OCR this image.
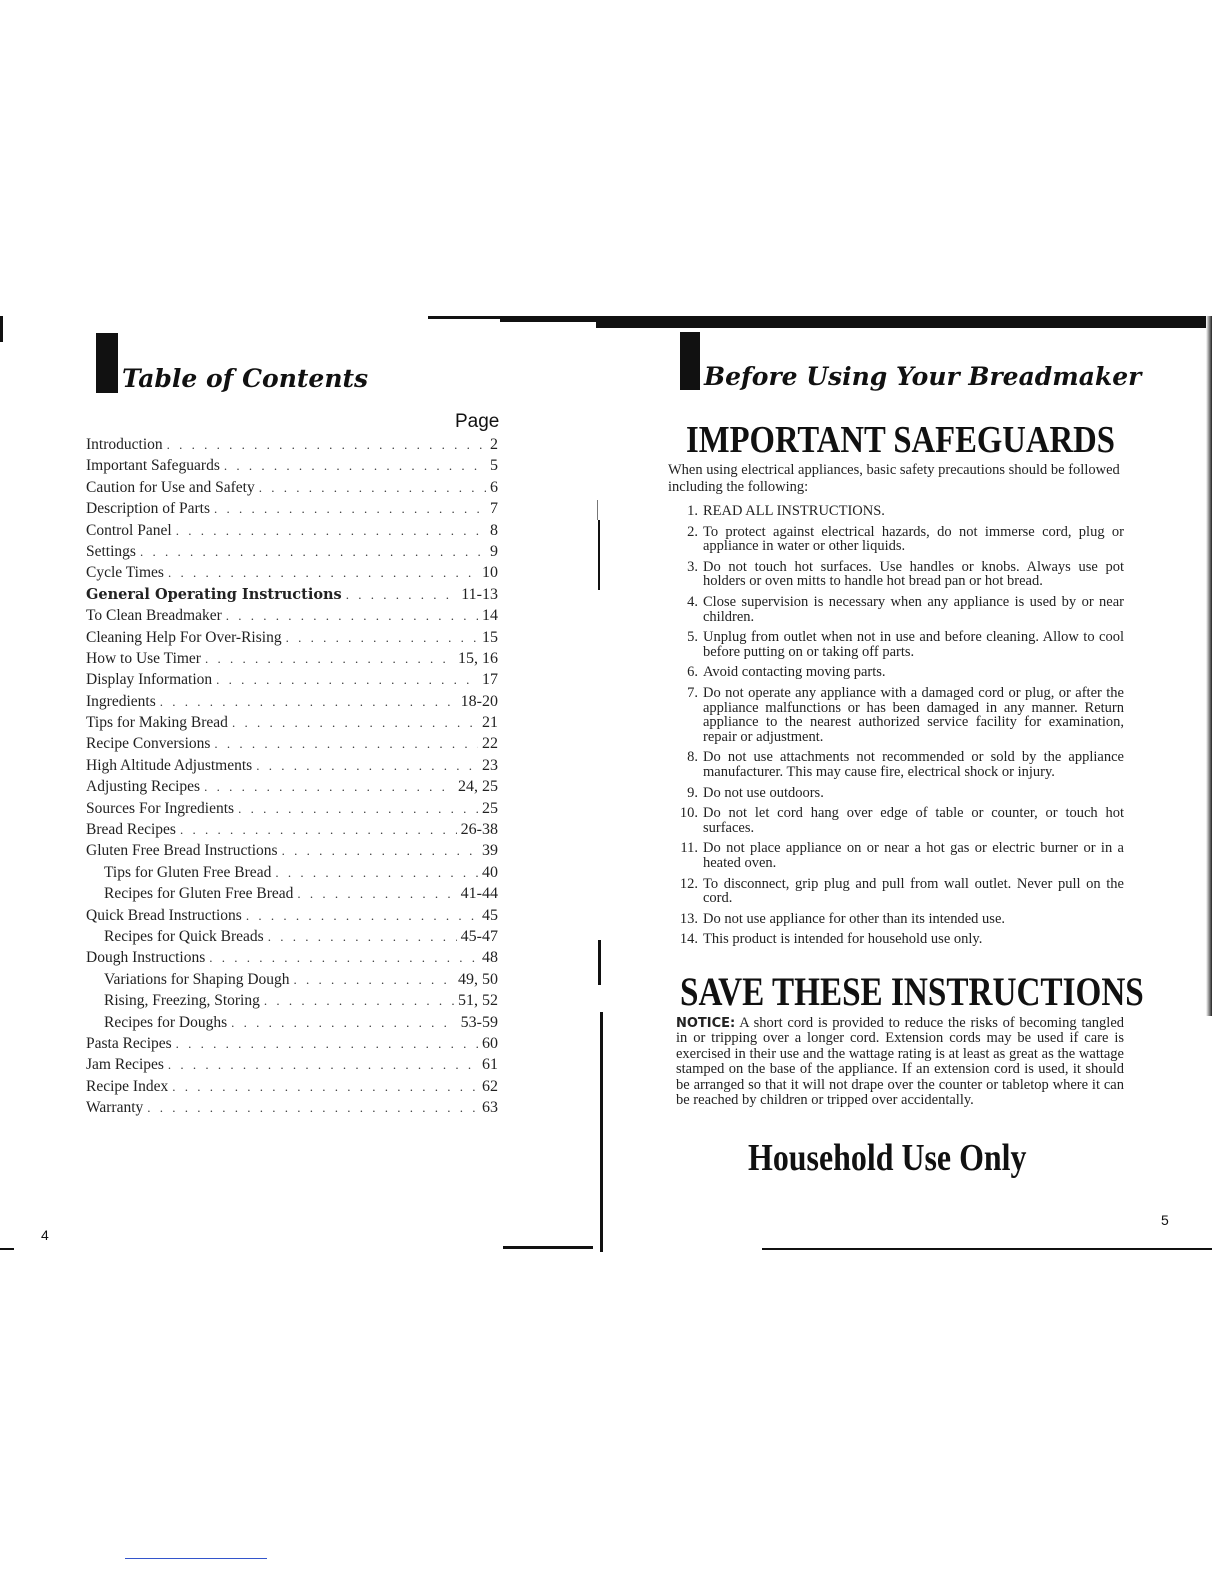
Table of Contents
Page
Introduction . . .	2
Important Safeguards . . .	5
Caution for Use and Safety . . .	6
Description of Parts . . .	7
Control Panel . . .	8
Settings . . .	9
Cycle Times . . .	10
General Operating Instructions . . .	11-13
To Clean Breadmaker . . .	14
Cleaning Help For Over-Rising . . .	15
How to Use Timer . . .	15, 16
Display Information . . .	17
Ingredients . . .	18-20
Tips for Making Bread . . .	21
Recipe Conversions . . .	22
High Altitude Adjustments . . .	23
Adjusting Recipes . . .	24, 25
Sources For Ingredients . . .	25
Bread Recipes . . .	26-38
Gluten Free Bread Instructions . . .	39
Tips for Gluten Free Bread . . .	40
Recipes for Gluten Free Bread . . .	41-44
Quick Bread Instructions . . .	45
Recipes for Quick Breads . . .	45-47
Dough Instructions . . .	48
Variations for Shaping Dough . . .	49, 50
Rising, Freezing, Storing . . .	51, 52
Recipes for Doughs . . .	53-59
Pasta Recipes . . .	60
Jam Recipes . . .	61
Recipe Index . . .	62
Warranty . . .	63
4
Before Using Your Breadmaker
IMPORTANT SAFEGUARDS
When using electrical appliances, basic safety precautions should be followed including the following:
1. READ ALL INSTRUCTIONS.
2. To protect against electrical hazards, do not immerse cord, plug or appliance in water or other liquids.
3. Do not touch hot surfaces. Use handles or knobs. Always use pot holders or oven mitts to handle hot bread pan or hot bread.
4. Close supervision is necessary when any appliance is used by or near children.
5. Unplug from outlet when not in use and before cleaning. Allow to cool before putting on or taking off parts.
6. Avoid contacting moving parts.
7. Do not operate any appliance with a damaged cord or plug, or after the appliance malfunctions or has been damaged in any manner. Return appliance to the nearest authorized service facility for examination, repair or adjustment.
8. Do not use attachments not recommended or sold by the appliance manufacturer. This may cause fire, electrical shock or injury.
9. Do not use outdoors.
10. Do not let cord hang over edge of table or counter, or touch hot surfaces.
11. Do not place appliance on or near a hot gas or electric burner or in a heated oven.
12. To disconnect, grip plug and pull from wall outlet. Never pull on the cord.
13. Do not use appliance for other than its intended use.
14. This product is intended for household use only.
SAVE THESE INSTRUCTIONS
NOTICE: A short cord is provided to reduce the risks of becoming tangled in or tripping over a longer cord. Extension cords may be used if care is exercised in their use and the wattage rating is at least as great as the wattage stamped on the base of the appliance. If an extension cord is used, it should be arranged so that it will not drape over the counter or tabletop where it can be reached by children or tripped over accidentally.
Household Use Only
5
